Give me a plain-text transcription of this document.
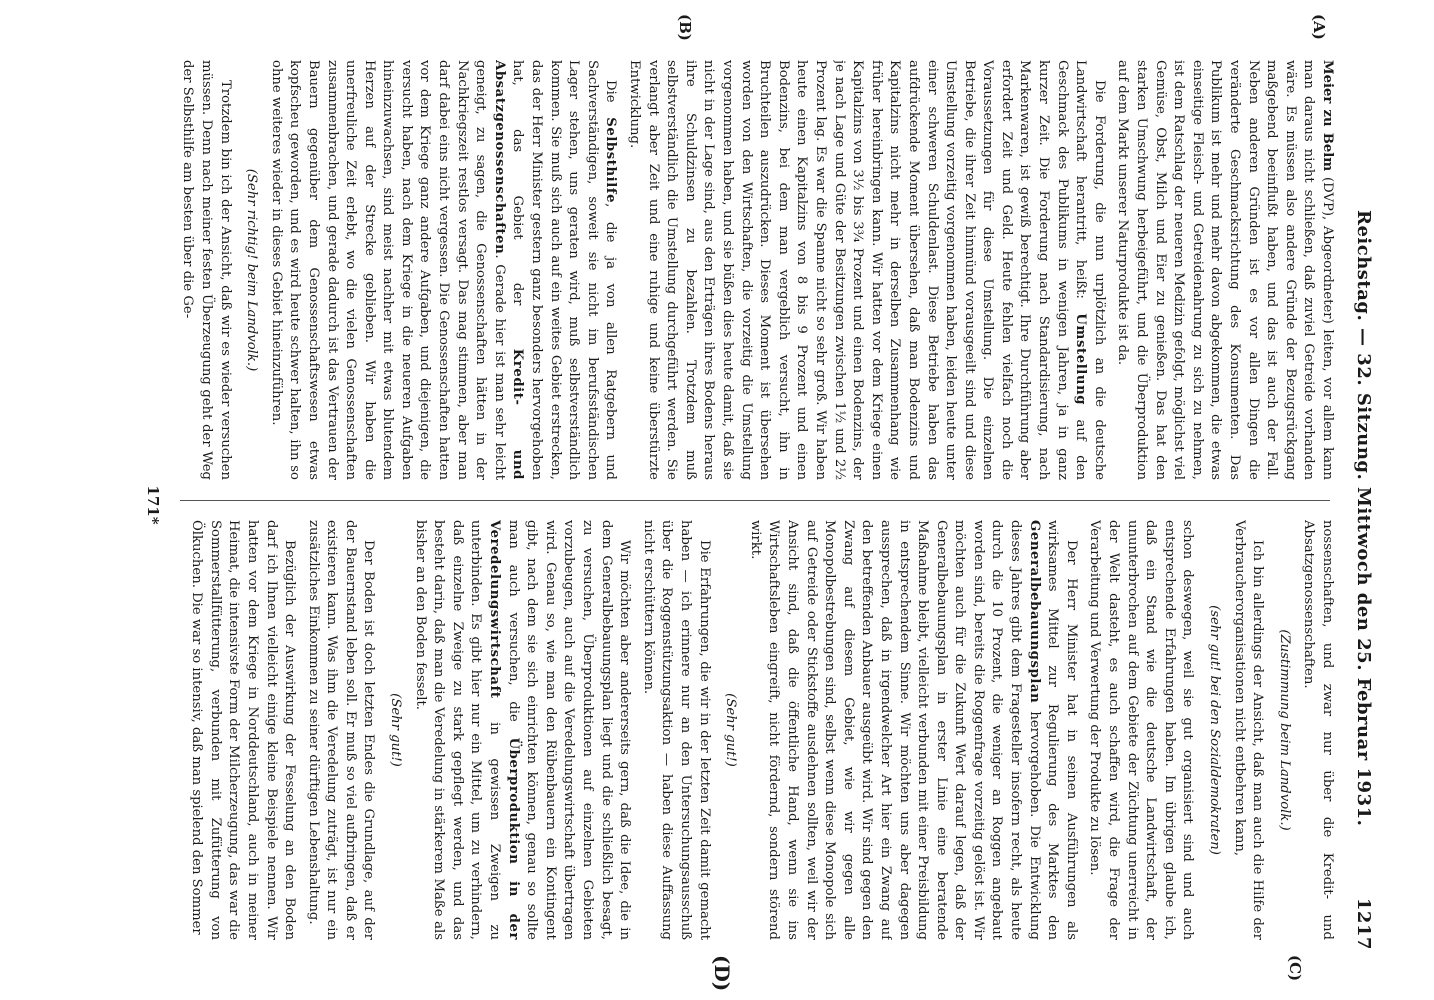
Reichstag. — 32. Sitzung. Mittwoch den 25. Februar 1931.
1217
(A)
(B)
(C)
(D)

Meier zu Belm (DVP), Abgeordneter) leiten, vor allem kann man daraus nicht schließen, daß zuviel Getreide vorhanden wäre. Es müssen also andere Gründe der Bezugsrückgang maßgebend beeinflußt haben, und das ist auch der Fall. Neben anderen Gründen ist es vor allen Dingen die veränderte Geschmacksrichtung des Konsumenten. Das Publikum ist mehr und mehr davon abgekommen, die etwas einseitige Fleisch- und Getreidenahrung zu sich zu nehmen, ist dem Ratschlag der neueren Medizin gefolgt, möglichst viel Gemüse, Obst, Milch und Eier zu genießen. Das hat den starken Umschwung herbeigeführt, und die Überproduktion auf dem Markt unserer Naturprodukte ist da.

Die Forderung, die nun urplötzlich an die deutsche Landwirtschaft herantritt, heißt: Umstellung auf den Geschmack des Publikums in wenigen Jahren, ja in ganz kurzer Zeit. Die Forderung nach Standardisierung, nach Markenwaren, ist gewiß berechtigt. Ihre Durchführung aber erfordert Zeit und Geld. Heute fehlen vielfach noch die Voraussetzungen für diese Umstellung. Die einzelnen Betriebe, die ihrer Zeit hinmünd vorausgeeilt sind und diese Umstellung vorzeitig vorgenommen haben, leiden heute unter einer schweren Schuldenlast. Diese Betriebe haben das aufdrückende Moment übersehen, daß man Bodenzins und Kapitalzins nicht mehr in derselben Zusammenhang wie früher hereinbringen kann. Wir hatten vor dem Kriege einen Kapitalzins von 3½ bis 3¾ Prozent und einen Bodenzins, der je nach Lage und Güte der Besitzungen zwischen 1½ und 2½ Prozent lag. Es war die Spanne nicht so sehr groß. Wir haben heute einen Kapitalzins von 8 bis 9 Prozent und einen Bodenzins, bei dem man vergeblich versucht, ihn in Bruchteilen auszudrücken. Dieses Moment ist übersehen worden von den Wirtschaften, die vorzeitig die Umstellung vorgenommen haben, und sie büßen dies heute damit, daß sie nicht in der Lage sind, aus den Erträgen ihres Bodens heraus ihre Schuldzinsen zu bezahlen. Trotzdem muß selbstverständlich die Umstellung durchgeführt werden. Sie verlangt aber Zeit und eine ruhige und keine überstürzte Entwicklung.

Die Selbsthilfe, die ja von allen Ratgebern und Sachverständigen, soweit sie nicht im berufsständischen Lager stehen, uns geraten wird, muß selbstverständlich kommen. Sie muß sich auch auf ein weites Gebiet erstrecken, das der Herr Minister gestern ganz besonders hervorgehoben hat, das Gebiet der Kredit- und Absatzgenossenschaften. Gerade hier ist man sehr leicht geneigt, zu sagen, die Genossenschaften hätten in der Nachkriegszeit restlos versagt. Das mag stimmen, aber man darf dabei eins nicht vergessen. Die Genossenschaften hatten vor dem Kriege ganz andere Aufgaben, und diejenigen, die versucht haben, nach dem Kriege in die neueren Aufgaben hineinzuwachsen, sind meist nachher mit etwas blutendem Herzen auf der Strecke geblieben. Wir haben die unerfreuliche Zeit erlebt, wo die vielen Genossenschaften zusammenbrachen, und gerade dadurch ist das Vertrauen der Bauern gegenüber dem Genossenschaftswesen etwas kopfscheu geworden, und es wird heute schwer halten, ihn so ohne weiteres wieder in dieses Gebiet hineinzuführen.

(Sehr richtig! beim Landvolk.)

Trotzdem bin ich der Ansicht, daß wir es wieder versuchen müssen. Denn nach meiner festen Überzeugung geht der Weg der Selbsthilfe am besten über die Ge-

nossenschaften, und zwar nur über die Kredit- und Absatzgenossenschaften.

(Zustimmung beim Landvolk.)

Ich bin allerdings der Ansicht, daß man auch die Hilfe der Verbraucherorganisationen nicht entbehren kann,

(sehr gut! bei den Sozialdemokraten)

schon deswegen, weil sie gut organisiert sind und auch entsprechende Erfahrungen haben. Im übrigen glaube ich, daß ein Stand wie die deutsche Landwirtschaft, der ununterbrochen auf dem Gebiete der Züchtung unerreicht in der Welt dasteht, es auch schaffen wird, die Frage der Verarbeitung und Verwertung der Produkte zu lösen.

Der Herr Minister hat in seinen Ausführungen als wirksames Mittel zur Regulierung des Marktes den Generalbebauungsplan hervorgehoben. Die Entwicklung dieses Jahres gibt dem Fragesteller insofern recht, als heute durch die 10 Prozent, die weniger an Roggen angebaut worden sind, bereits die Roggenfrage vorzeitig gelöst ist. Wir möchten auch für die Zukunft Wert darauf legen, daß der Generalbebauungsplan in erster Linie eine beratende Maßnahme bleibt, vielleicht verbunden mit einer Preisbildung in entsprechendem Sinne. Wir möchten uns aber dagegen aussprechen, daß in irgendwelcher Art hier ein Zwang auf den betreffenden Anbauer ausgeübt wird. Wir sind gegen den Zwang auf diesem Gebiet, wie wir gegen alle Monopolbestrebungen sind, selbst wenn diese Monopole sich auf Getreide oder Stickstoffe ausdehnen sollten, weil wir der Ansicht sind, daß die öffentliche Hand, wenn sie ins Wirtschaftsleben eingreift, nicht fördernd, sondern störend wirkt.

(Sehr gut!)

Die Erfahrungen, die wir in der letzten Zeit damit gemacht haben — ich erinnere nur an den Untersuchungsausschuß über die Roggenstützungsaktion — haben diese Auffassung nicht erschüttern können.

Wir möchten aber andererseits gern, daß die Idee, die in dem Generalbebauungsplan liegt und die schließlich besagt, zu versuchen, Überproduktionen auf einzelnen Gebieten vorzubeugen, auch auf die Veredelungswirtschaft übertragen wird. Genau so, wie man den Rübenbauern ein Kontingent gibt, nach dem sie sich einrichten können, genau so sollte man auch versuchen, die Überproduktion in der Veredelungswirtschaft in gewissen Zweigen zu unterbinden. Es gibt hier nur ein Mittel, um zu verhindern, daß einzelne Zweige zu stark gepflegt werden, und das besteht darin, daß man die Veredelung in stärkerem Maße als bisher an den Boden fesselt.

(Sehr gut!)

Der Boden ist doch letzten Endes die Grundlage, auf der der Bauernstand leben soll. Er muß so viel aufbringen, daß er existieren kann. Was ihm die Veredelung zuträgt, ist nur ein zusätzliches Einkommen zu seiner dürftigen Lebenshaltung.

Bezüglich der Auswirkung der Fesselung an den Boden darf ich Ihnen vielleicht einige kleine Beispiele nennen. Wir hatten vor dem Kriege in Norddeutschland, auch in meiner Heimat, die intensivste Form der Milcherzeugung, das war die Sommerstallfütterung, verbunden mit Zufütterung von Ölkuchen. Die war so intensiv, daß man spielend den Sommer

171*
